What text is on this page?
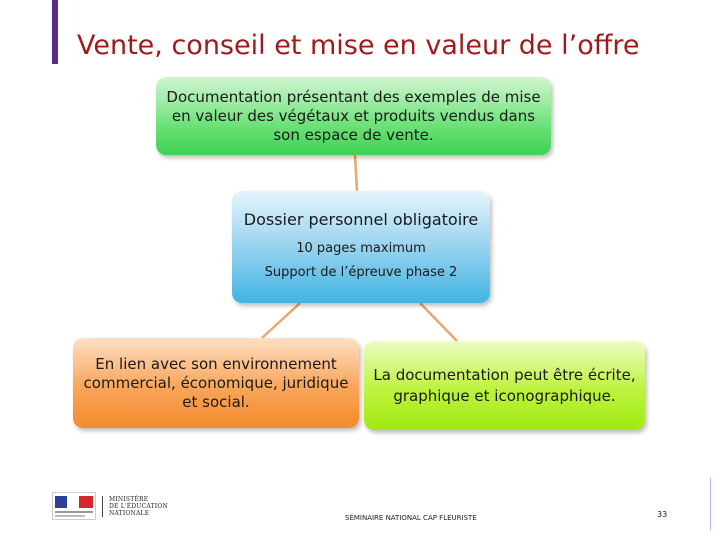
Vente, conseil et mise en valeur de l’offre
Documentation présentant des exemples de mise en valeur des végétaux et produits vendus dans son espace de vente.
Dossier personnel obligatoire
10 pages maximum
Support de l’épreuve phase 2
En lien avec son environnement commercial, économique, juridique et social.
La documentation peut être écrite, graphique et iconographique.
MINISTÈRE
DE L'ÉDUCATION
NATIONALE
SÉMINAIRE NATIONAL CAP FLEURISTE	33
